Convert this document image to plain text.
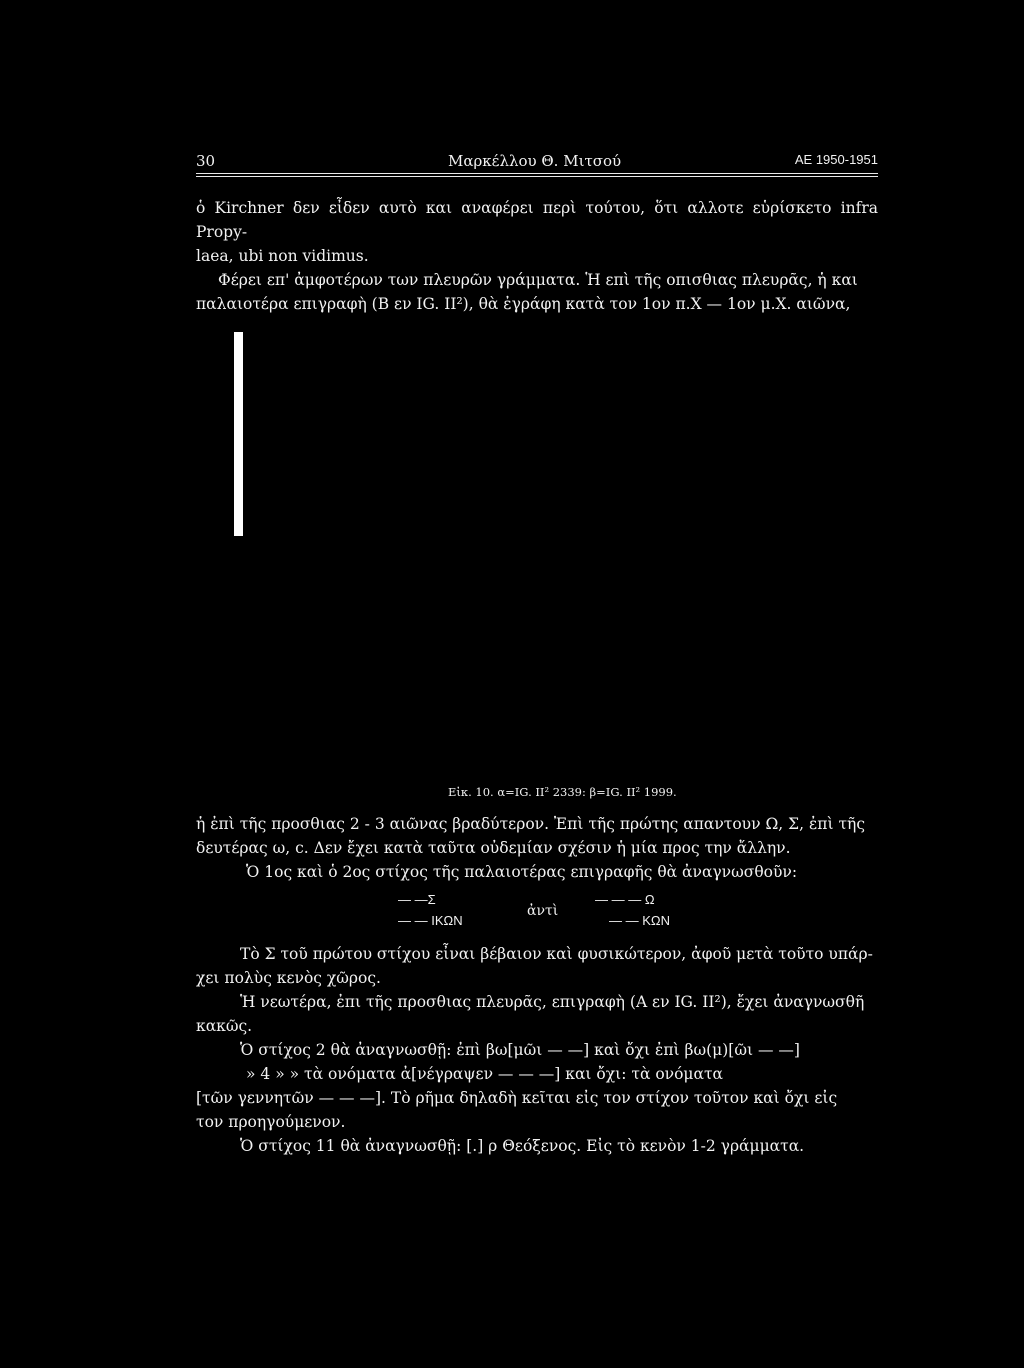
30	Μαρκέλλου Θ. Μιτσού	ΑΕ 1950-1951
ὁ Kirchner δεν εἶδεν αυτὸ και αναφέρει περὶ τούτου, ὅτι αλλοτε εὑρίσκετο infra Propy-
laea, ubi non vidimus.
Φέρει επ' ἀμφοτέρων των πλευρῶν γράμματα. Ἡ επὶ τῆς οπισθιας πλευρᾶς, ἡ και
παλαιοτέρα επιγραφὴ (Β εν IG. II²), θὰ ἐγράφη κατὰ τον 1ον π.Χ — 1ον μ.Χ. αιῶνα,
Εἰκ. 10. α=IG. II² 2339: β=IG. II² 1999.
ἡ ἐπὶ τῆς προσθιας 2 - 3 αιῶνας βραδύτερον. Ἐπὶ τῆς πρώτης απαντουν Ω, Σ, ἐπὶ τῆς
δευτέρας ω, ϲ. Δεν ἔχει κατὰ ταῦτα οὐδεμίαν σχέσιν ἡ μία προς την ἄλλην.
Ὁ 1ος καὶ ὁ 2ος στίχος τῆς παλαιοτέρας επιγραφῆς θὰ ἀναγνωσθοῦν:
— —Σ
— — ΙΚΩΝ
ἀντὶ
— — — Ω
— — ΚΩΝ
Τὸ Σ τοῦ πρώτου στίχου εἶναι βέβαιον καὶ φυσικώτερον, ἀφοῦ μετὰ τοῦτο υπάρ-
χει πολὺς κενὸς χῶρος.
Ἡ νεωτέρα, ἐπι τῆς προσθιας πλευρᾶς, επιγραφὴ (Α εν IG. II²), ἔχει ἀναγνωσθῆ
κακῶς.
Ὁ στίχος 2 θὰ ἀναγνωσθῇ: ἐπὶ βω[μῶι — —] καὶ ὄχι ἐπὶ βω(μ)[ῶι — —]
» 4 » » τὰ ονόματα ἀ[νέγραψεν — — —] και ὄχι: τὰ ονόματα
[τῶν γεννητῶν — — —]. Τὸ ρῆμα δηλαδὴ κεῖται εἰς τον στίχον τοῦτον καὶ ὄχι εἰς
τον προηγούμενον.
Ὁ στίχος 11 θὰ ἀναγνωσθῇ: [.] ρ Θεόξενος. Εἰς τὸ κενὸν 1-2 γράμματα.
